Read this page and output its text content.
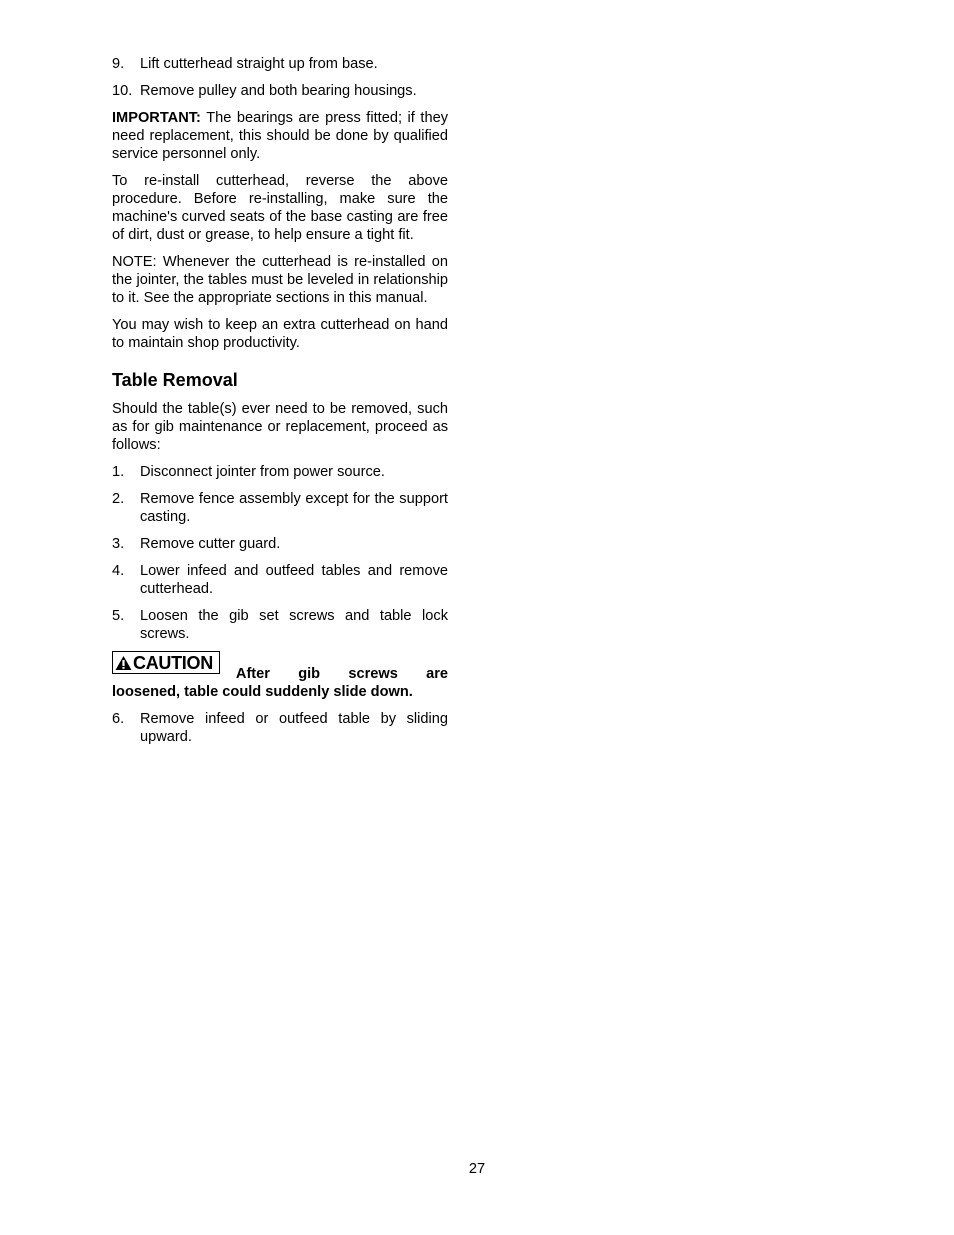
9.	Lift cutterhead straight up from base.
10. Remove pulley and both bearing housings.

IMPORTANT: The bearings are press fitted; if they need replacement, this should be done by qualified service personnel only.

To re-install cutterhead, reverse the above procedure. Before re-installing, make sure the machine's curved seats of the base casting are free of dirt, dust or grease, to help ensure a tight fit.

NOTE: Whenever the cutterhead is re-installed on the jointer, the tables must be leveled in relationship to it. See the appropriate sections in this manual.

You may wish to keep an extra cutterhead on hand to maintain shop productivity.

Table Removal

Should the table(s) ever need to be removed, such as for gib maintenance or replacement, proceed as follows:

1.	Disconnect jointer from power source.
2.	Remove fence assembly except for the support casting.
3.	Remove cutter guard.
4.	Lower infeed and outfeed tables and remove cutterhead.
5.	Loosen the gib set screws and table lock screws.
CAUTION
After gib screws are
loosened, table could suddenly slide down.
6.	Remove infeed or outfeed table by sliding upward.
27
